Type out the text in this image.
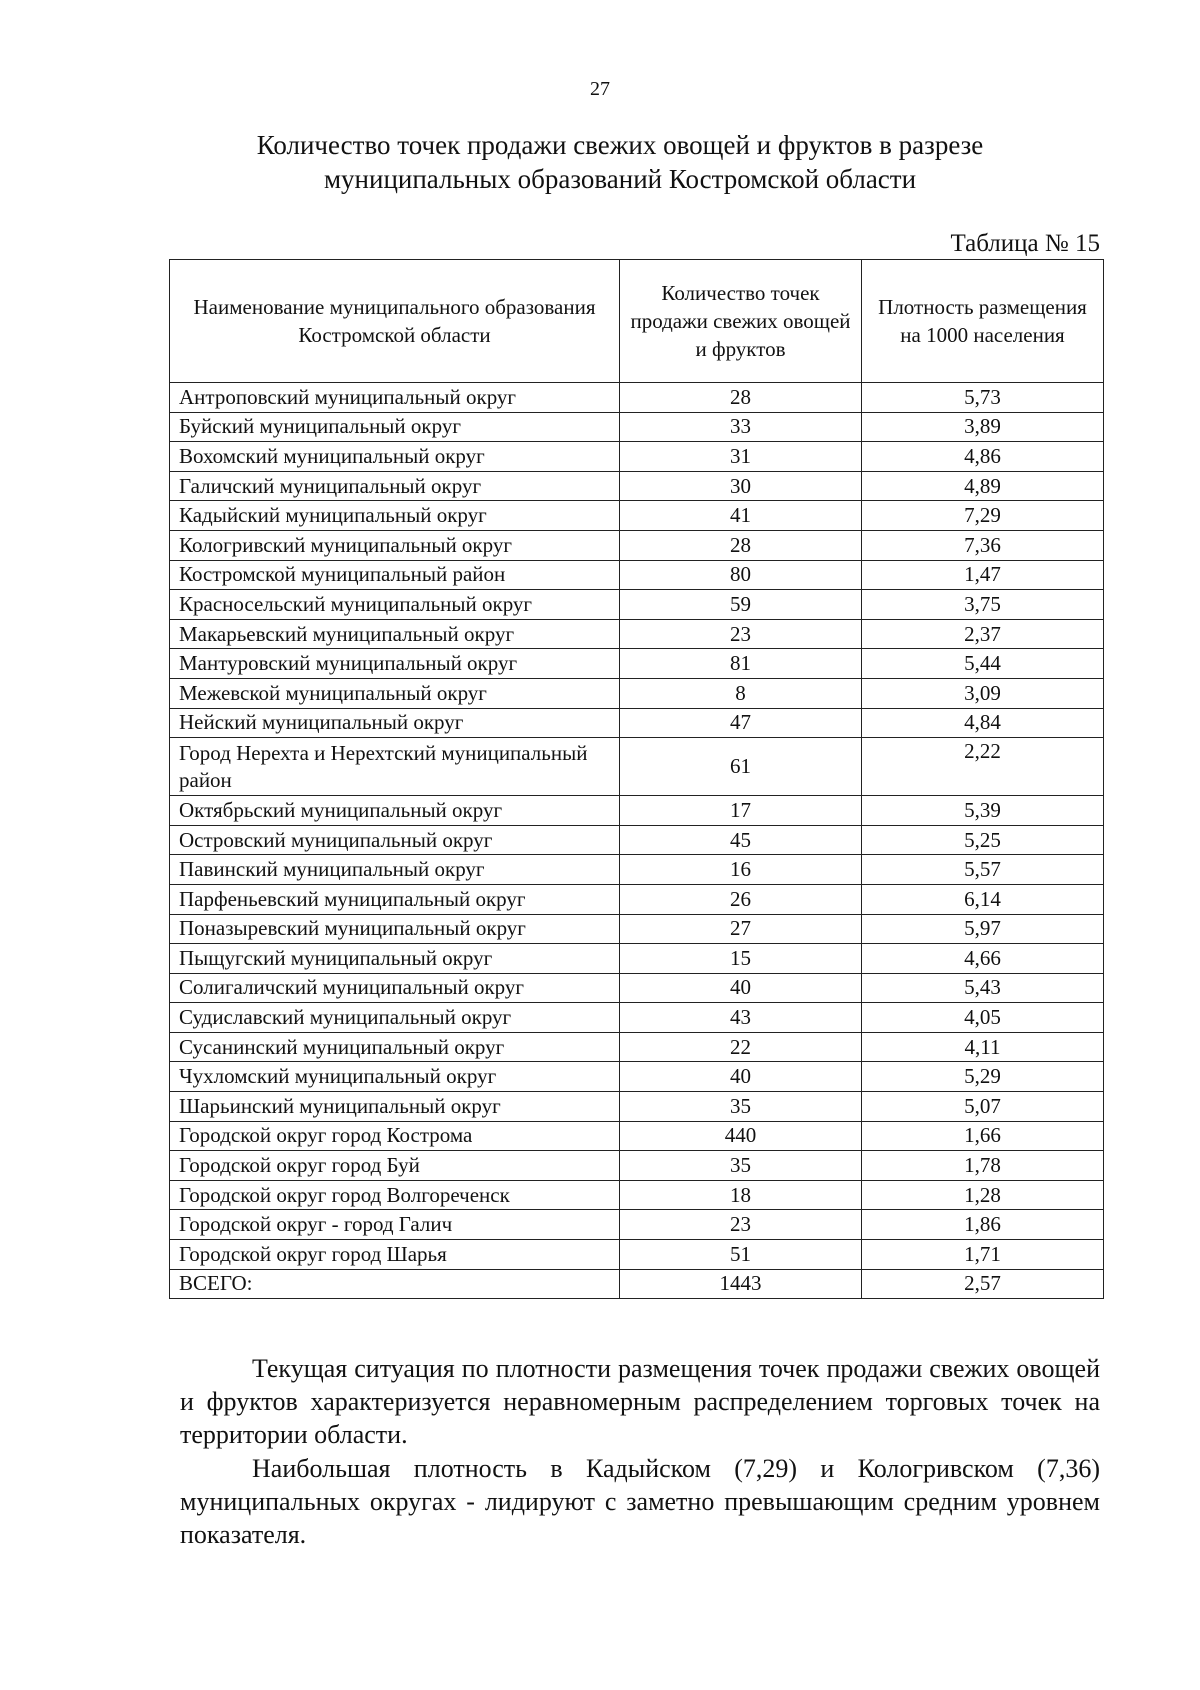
27
Количество точек продажи свежих овощей и фруктов в разрезе
муниципальных образований Костромской области
Таблица № 15
Наименование муниципального образования Костромской области	Количество точек продажи свежих овощей и фруктов	Плотность размещения на 1000 населения
Антроповский муниципальный округ	28	5,73
Буйский муниципальный округ	33	3,89
Вохомский муниципальный округ	31	4,86
Галичский муниципальный округ	30	4,89
Кадыйский муниципальный округ	41	7,29
Кологривский муниципальный округ	28	7,36
Костромской муниципальный район	80	1,47
Красносельский муниципальный округ	59	3,75
Макарьевский муниципальный округ	23	2,37
Мантуровский муниципальный округ	81	5,44
Межевской муниципальный округ	8	3,09
Нейский муниципальный округ	47	4,84
Город Нерехта и Нерехтский муниципальный район	61	2,22
Октябрьский муниципальный округ	17	5,39
Островский муниципальный округ	45	5,25
Павинский муниципальный округ	16	5,57
Парфеньевский муниципальный округ	26	6,14
Поназыревский муниципальный округ	27	5,97
Пыщугский муниципальный округ	15	4,66
Солигаличский муниципальный округ	40	5,43
Судиславский муниципальный округ	43	4,05
Сусанинский муниципальный округ	22	4,11
Чухломский муниципальный округ	40	5,29
Шарьинский муниципальный округ	35	5,07
Городской округ город Кострома	440	1,66
Городской округ город Буй	35	1,78
Городской округ город Волгореченск	18	1,28
Городской округ - город Галич	23	1,86
Городской округ город Шарья	51	1,71
ВСЕГО:	1443	2,57

Текущая ситуация по плотности размещения точек продажи свежих овощей и фруктов характеризуется неравномерным распределением торговых точек на территории области.

Наибольшая плотность в Кадыйском (7,29) и Кологривском (7,36) муниципальных округах - лидируют с заметно превышающим средним уровнем показателя.
